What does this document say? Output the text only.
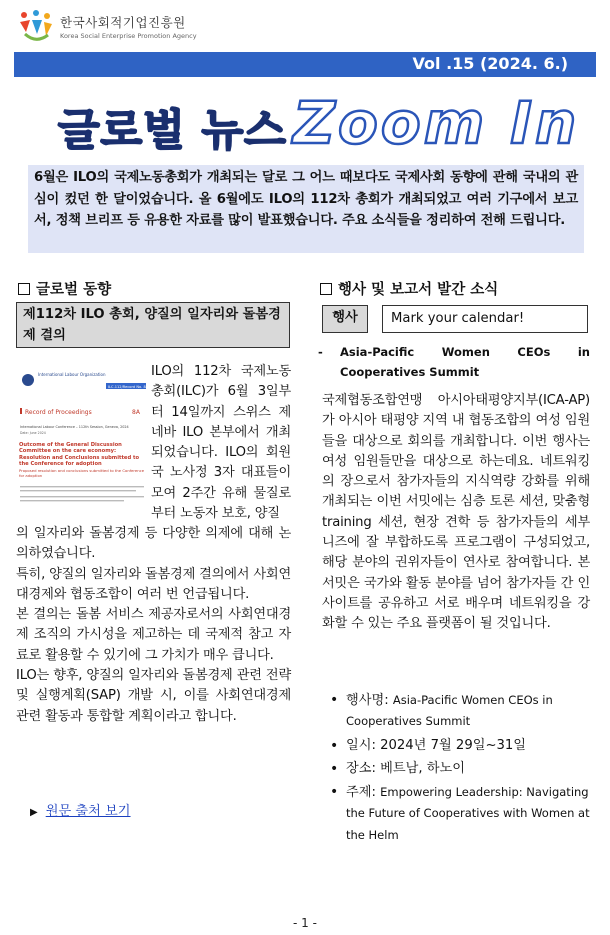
한국사회적기업진흥원
Korea Social Enterprise Promotion Agency
Vol .15 (2024. 6.)
글로벌 뉴스 Zoom In
6월은 ILO의 국제노동총회가 개최되는 달로 그 어느 때보다도 국제사회 동향에 관해 국내의 관심이 컸던 한 달이었습니다. 올 6월에도 ILO의 112차 총회가 개최되었고 여러 기구에서 보고서, 정책 브리프 등 유용한 자료를 많이 발표했습니다. 주요 소식들을 정리하여 전해 드립니다.
글로벌 동향
제112차 ILO 총회, 양질의 일자리와 돌봄경제 결의
International Labour Organization
ILC.112/Record No. 8A
Record of Proceedings	8A
International Labour Conference – 112th Session, Geneva, 2024
Date: June 2024
Outcome of the General Discussion Committee on the care economy: Resolution and Conclusions submitted to the Conference for adoption
Proposed resolution and conclusions submitted to the Conference for adoption
ILO의 112차 국제노동총회(ILC)가 6월 3일부터 14일까지 스위스 제네바 ILO 본부에서 개최되었습니다. ILO의 회원국 노사정 3자 대표들이 모여 2주간 유해 물질로부터 노동자 보호, 양질

의 일자리와 돌봄경제 등 다양한 의제에 대해 논의하였습니다.

특히, 양질의 일자리와 돌봄경제 결의에서 사회연대경제와 협동조합이 여러 번 언급됩니다.

본 결의는 돌봄 서비스 제공자로서의 사회연대경제 조직의 가시성을 제고하는 데 국제적 참고 자료로 활용할 수 있기에 그 가치가 매우 큽니다.

ILO는 향후, 양질의 일자리와 돌봄경제 관련 전략 및 실행계획(SAP) 개발 시, 이를 사회연대경제 관련 활동과 통합할 계획이라고 합니다.

▶ 원문 출처 보기
행사 및 보고서 발간 소식
행사	Mark your calendar!
-	Asia-Pacific Women CEOs in Cooperatives Summit
국제협동조합연맹 아시아태평양지부(ICA-AP)가 아시아 태평양 지역 내 협동조합의 여성 임원들을 대상으로 회의를 개최합니다. 이번 행사는 여성 임원들만을 대상으로 하는데요. 네트워킹의 장으로서 참가자들의 지식역량 강화를 위해 개최되는 이번 서밋에는 심층 토론 세션, 맞춤형 training 세션, 현장 견학 등 참가자들의 세부 니즈에 잘 부합하도록 프로그램이 구성되었고, 해당 분야의 권위자들이 연사로 참여합니다. 본 서밋은 국가와 활동 분야를 넘어 참가자들 간 인사이트를 공유하고 서로 배우며 네트워킹을 강화할 수 있는 주요 플랫폼이 될 것입니다.
• 행사명: Asia-Pacific Women CEOs in Cooperatives Summit
• 일시: 2024년 7월 29일~31일
• 장소: 베트남, 하노이
• 주제: Empowering Leadership: Navigating the Future of Cooperatives with Women at the Helm
- 1 -
